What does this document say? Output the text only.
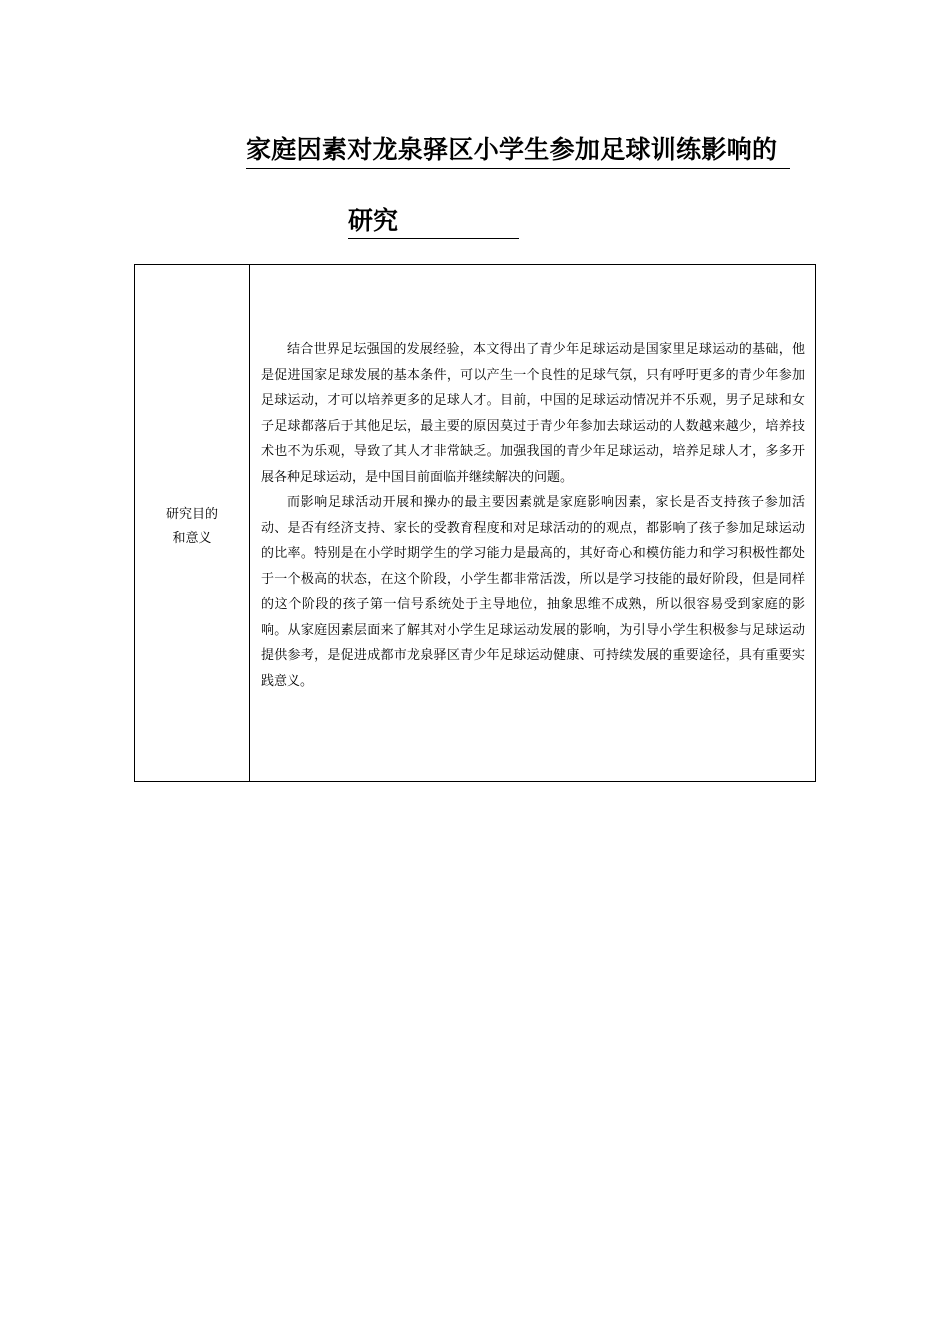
家庭因素对龙泉驿区小学生参加足球训练影响的
研究
研究目的
和意义

结合世界足坛强国的发展经验，本文得出了青少年足球运动是国家里足球运动的基础，他是促进国家足球发展的基本条件，可以产生一个良性的足球气氛，只有呼吁更多的青少年参加足球运动，才可以培养更多的足球人才。目前，中国的足球运动情况并不乐观，男子足球和女子足球都落后于其他足坛，最主要的原因莫过于青少年参加去球运动的人数越来越少，培养技术也不为乐观，导致了其人才非常缺乏。加强我国的青少年足球运动，培养足球人才，多多开展各种足球运动，是中国目前面临并继续解决的问题。

而影响足球活动开展和操办的最主要因素就是家庭影响因素，家长是否支持孩子参加活动、是否有经济支持、家长的受教育程度和对足球活动的的观点，都影响了孩子参加足球运动的比率。特别是在小学时期学生的学习能力是最高的，其好奇心和模仿能力和学习积极性都处于一个极高的状态，在这个阶段，小学生都非常活泼，所以是学习技能的最好阶段，但是同样的这个阶段的孩子第一信号系统处于主导地位，抽象思维不成熟，所以很容易受到家庭的影响。从家庭因素层面来了解其对小学生足球运动发展的影响，为引导小学生积极参与足球运动提供参考，是促进成都市龙泉驿区青少年足球运动健康、可持续发展的重要途径，具有重要实践意义。
